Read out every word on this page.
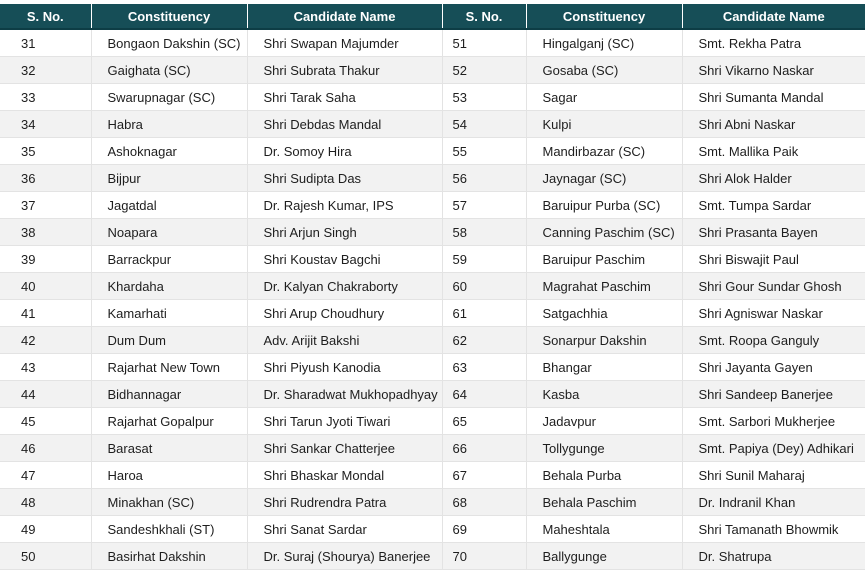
S. No.	Constituency	Candidate Name	S. No.	Constituency	Candidate Name
31	Bongaon Dakshin (SC)	Shri Swapan Majumder	51	Hingalganj (SC)	Smt. Rekha Patra
32	Gaighata (SC)	Shri Subrata Thakur	52	Gosaba (SC)	Shri Vikarno Naskar
33	Swarupnagar (SC)	Shri Tarak Saha	53	Sagar	Shri Sumanta Mandal
34	Habra	Shri Debdas Mandal	54	Kulpi	Shri Abni Naskar
35	Ashoknagar	Dr. Somoy Hira	55	Mandirbazar (SC)	Smt. Mallika Paik
36	Bijpur	Shri Sudipta Das	56	Jaynagar (SC)	Shri Alok Halder
37	Jagatdal	Dr. Rajesh Kumar, IPS	57	Baruipur Purba (SC)	Smt. Tumpa Sardar
38	Noapara	Shri Arjun Singh	58	Canning Paschim (SC)	Shri Prasanta Bayen
39	Barrackpur	Shri Koustav Bagchi	59	Baruipur Paschim	Shri Biswajit Paul
40	Khardaha	Dr. Kalyan Chakraborty	60	Magrahat Paschim	Shri Gour Sundar Ghosh
41	Kamarhati	Shri Arup Choudhury	61	Satgachhia	Shri Agniswar Naskar
42	Dum Dum	Adv. Arijit Bakshi	62	Sonarpur Dakshin	Smt. Roopa Ganguly
43	Rajarhat New Town	Shri Piyush Kanodia	63	Bhangar	Shri Jayanta Gayen
44	Bidhannagar	Dr. Sharadwat Mukhopadhyay	64	Kasba	Shri Sandeep Banerjee
45	Rajarhat Gopalpur	Shri Tarun Jyoti Tiwari	65	Jadavpur	Smt. Sarbori Mukherjee
46	Barasat	Shri Sankar Chatterjee	66	Tollygunge	Smt. Papiya (Dey) Adhikari
47	Haroa	Shri Bhaskar Mondal	67	Behala Purba	Shri Sunil Maharaj
48	Minakhan (SC)	Shri Rudrendra Patra	68	Behala Paschim	Dr. Indranil Khan
49	Sandeshkhali (ST)	Shri Sanat Sardar	69	Maheshtala	Shri Tamanath Bhowmik
50	Basirhat Dakshin	Dr. Suraj (Shourya) Banerjee	70	Ballygunge	Dr. Shatrupa
